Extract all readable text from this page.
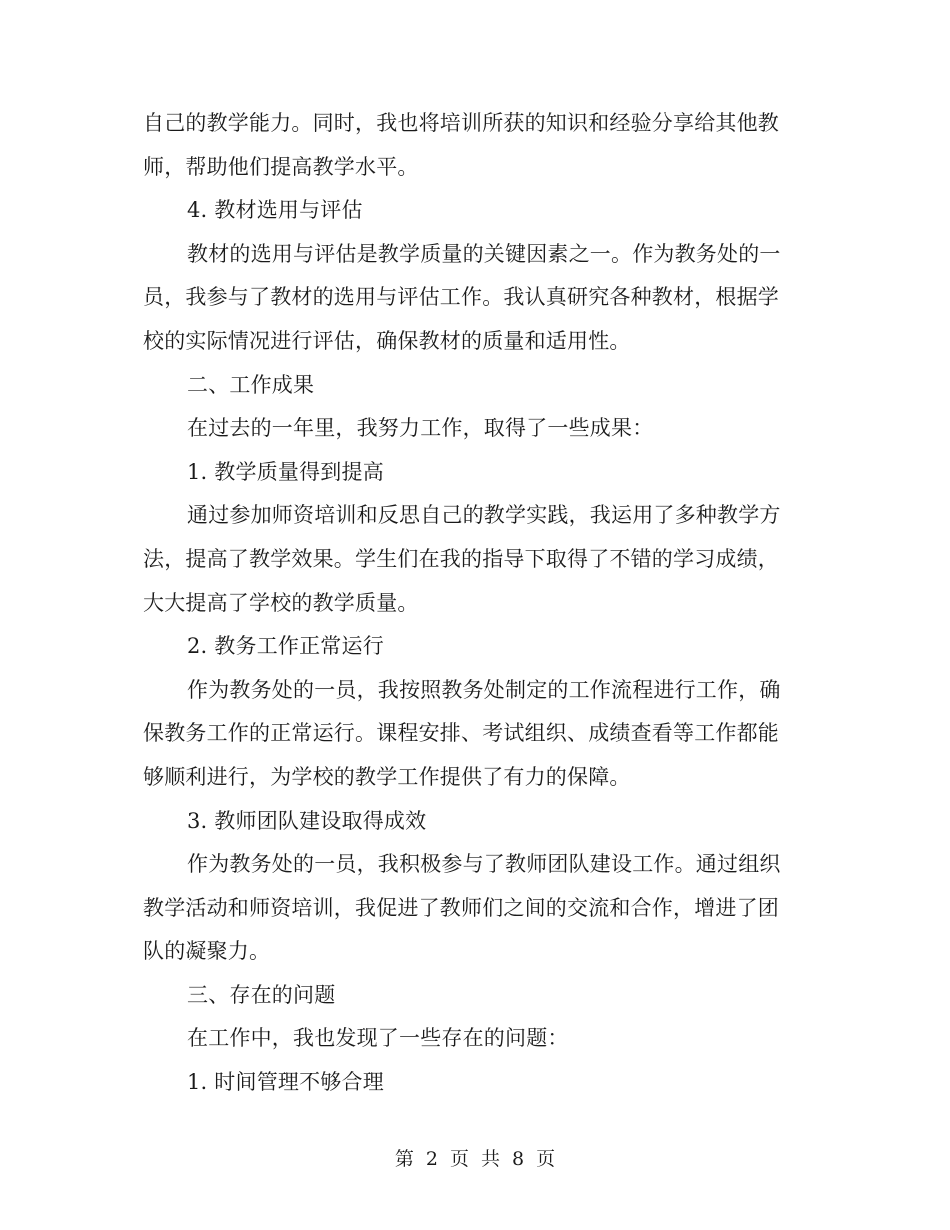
自己的教学能力。同时，我也将培训所获的知识和经验分享给其他教
师，帮助他们提高教学水平。
4. 教材选用与评估
教材的选用与评估是教学质量的关键因素之一。作为教务处的一
员，我参与了教材的选用与评估工作。我认真研究各种教材，根据学
校的实际情况进行评估，确保教材的质量和适用性。
二、工作成果
在过去的一年里，我努力工作，取得了一些成果：
1. 教学质量得到提高
通过参加师资培训和反思自己的教学实践，我运用了多种教学方
法，提高了教学效果。学生们在我的指导下取得了不错的学习成绩，
大大提高了学校的教学质量。
2. 教务工作正常运行
作为教务处的一员，我按照教务处制定的工作流程进行工作，确
保教务工作的正常运行。课程安排、考试组织、成绩查看等工作都能
够顺利进行，为学校的教学工作提供了有力的保障。
3. 教师团队建设取得成效
作为教务处的一员，我积极参与了教师团队建设工作。通过组织
教学活动和师资培训，我促进了教师们之间的交流和合作，增进了团
队的凝聚力。
三、存在的问题
在工作中，我也发现了一些存在的问题：
1. 时间管理不够合理
第 2 页 共 8 页
